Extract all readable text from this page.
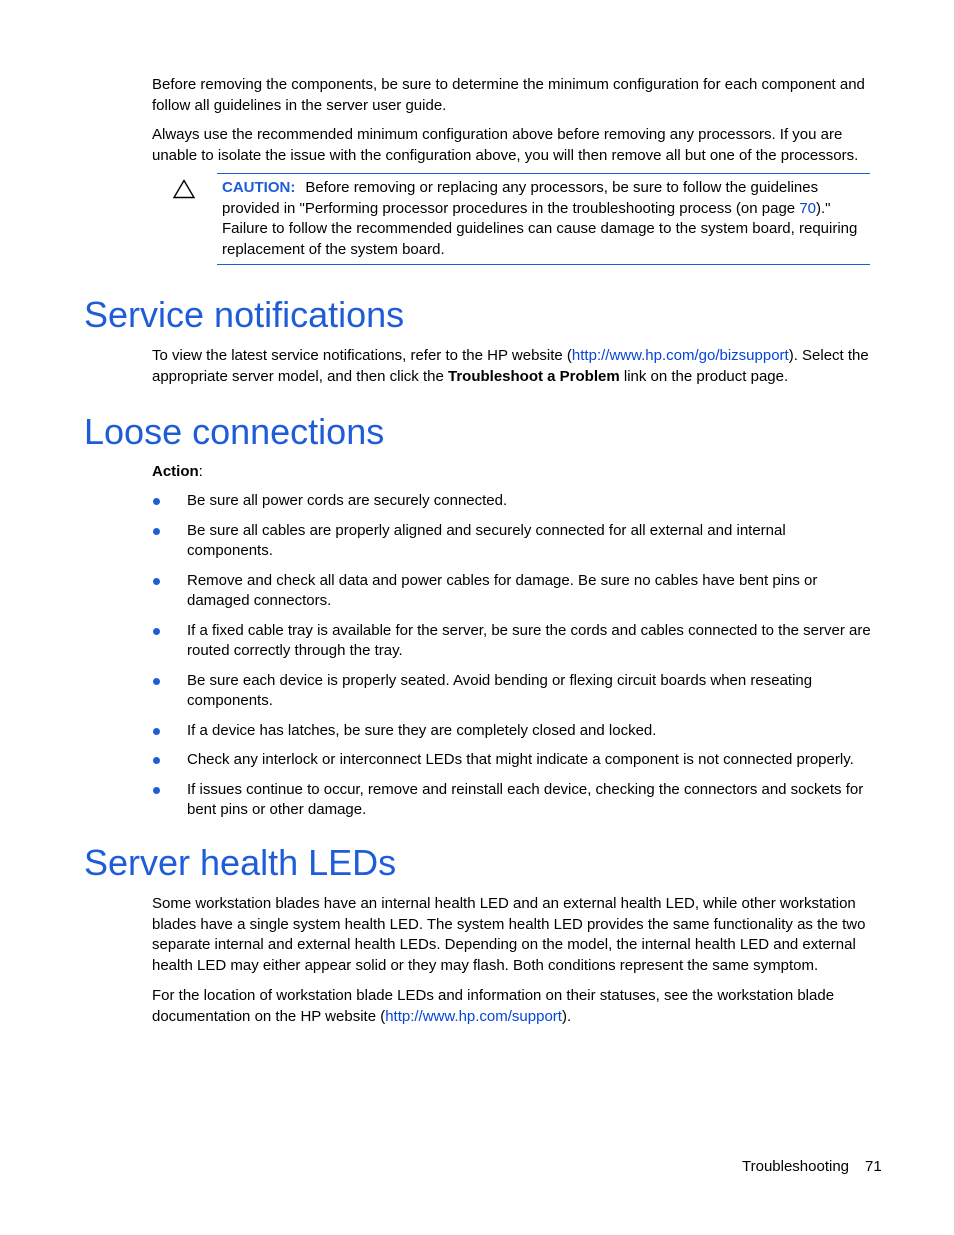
Before removing the components, be sure to determine the minimum configuration for each component and follow all guidelines in the server user guide.

Always use the recommended minimum configuration above before removing any processors. If you are unable to isolate the issue with the configuration above, you will then remove all but one of the processors.

CAUTION: Before removing or replacing any processors, be sure to follow the guidelines provided in "Performing processor procedures in the troubleshooting process (on page 70)." Failure to follow the recommended guidelines can cause damage to the system board, requiring replacement of the system board.

Service notifications

To view the latest service notifications, refer to the HP website (http://www.hp.com/go/bizsupport). Select the appropriate server model, and then click the Troubleshoot a Problem link on the product page.

Loose connections

Action:

Be sure all power cords are securely connected.
Be sure all cables are properly aligned and securely connected for all external and internal components.
Remove and check all data and power cables for damage. Be sure no cables have bent pins or damaged connectors.
If a fixed cable tray is available for the server, be sure the cords and cables connected to the server are routed correctly through the tray.
Be sure each device is properly seated. Avoid bending or flexing circuit boards when reseating components.
If a device has latches, be sure they are completely closed and locked.
Check any interlock or interconnect LEDs that might indicate a component is not connected properly.
If issues continue to occur, remove and reinstall each device, checking the connectors and sockets for bent pins or other damage.
Server health LEDs

Some workstation blades have an internal health LED and an external health LED, while other workstation blades have a single system health LED. The system health LED provides the same functionality as the two separate internal and external health LEDs. Depending on the model, the internal health LED and external health LED may either appear solid or they may flash. Both conditions represent the same symptom.

For the location of workstation blade LEDs and information on their statuses, see the workstation blade documentation on the HP website (http://www.hp.com/support).

Troubleshooting 71
